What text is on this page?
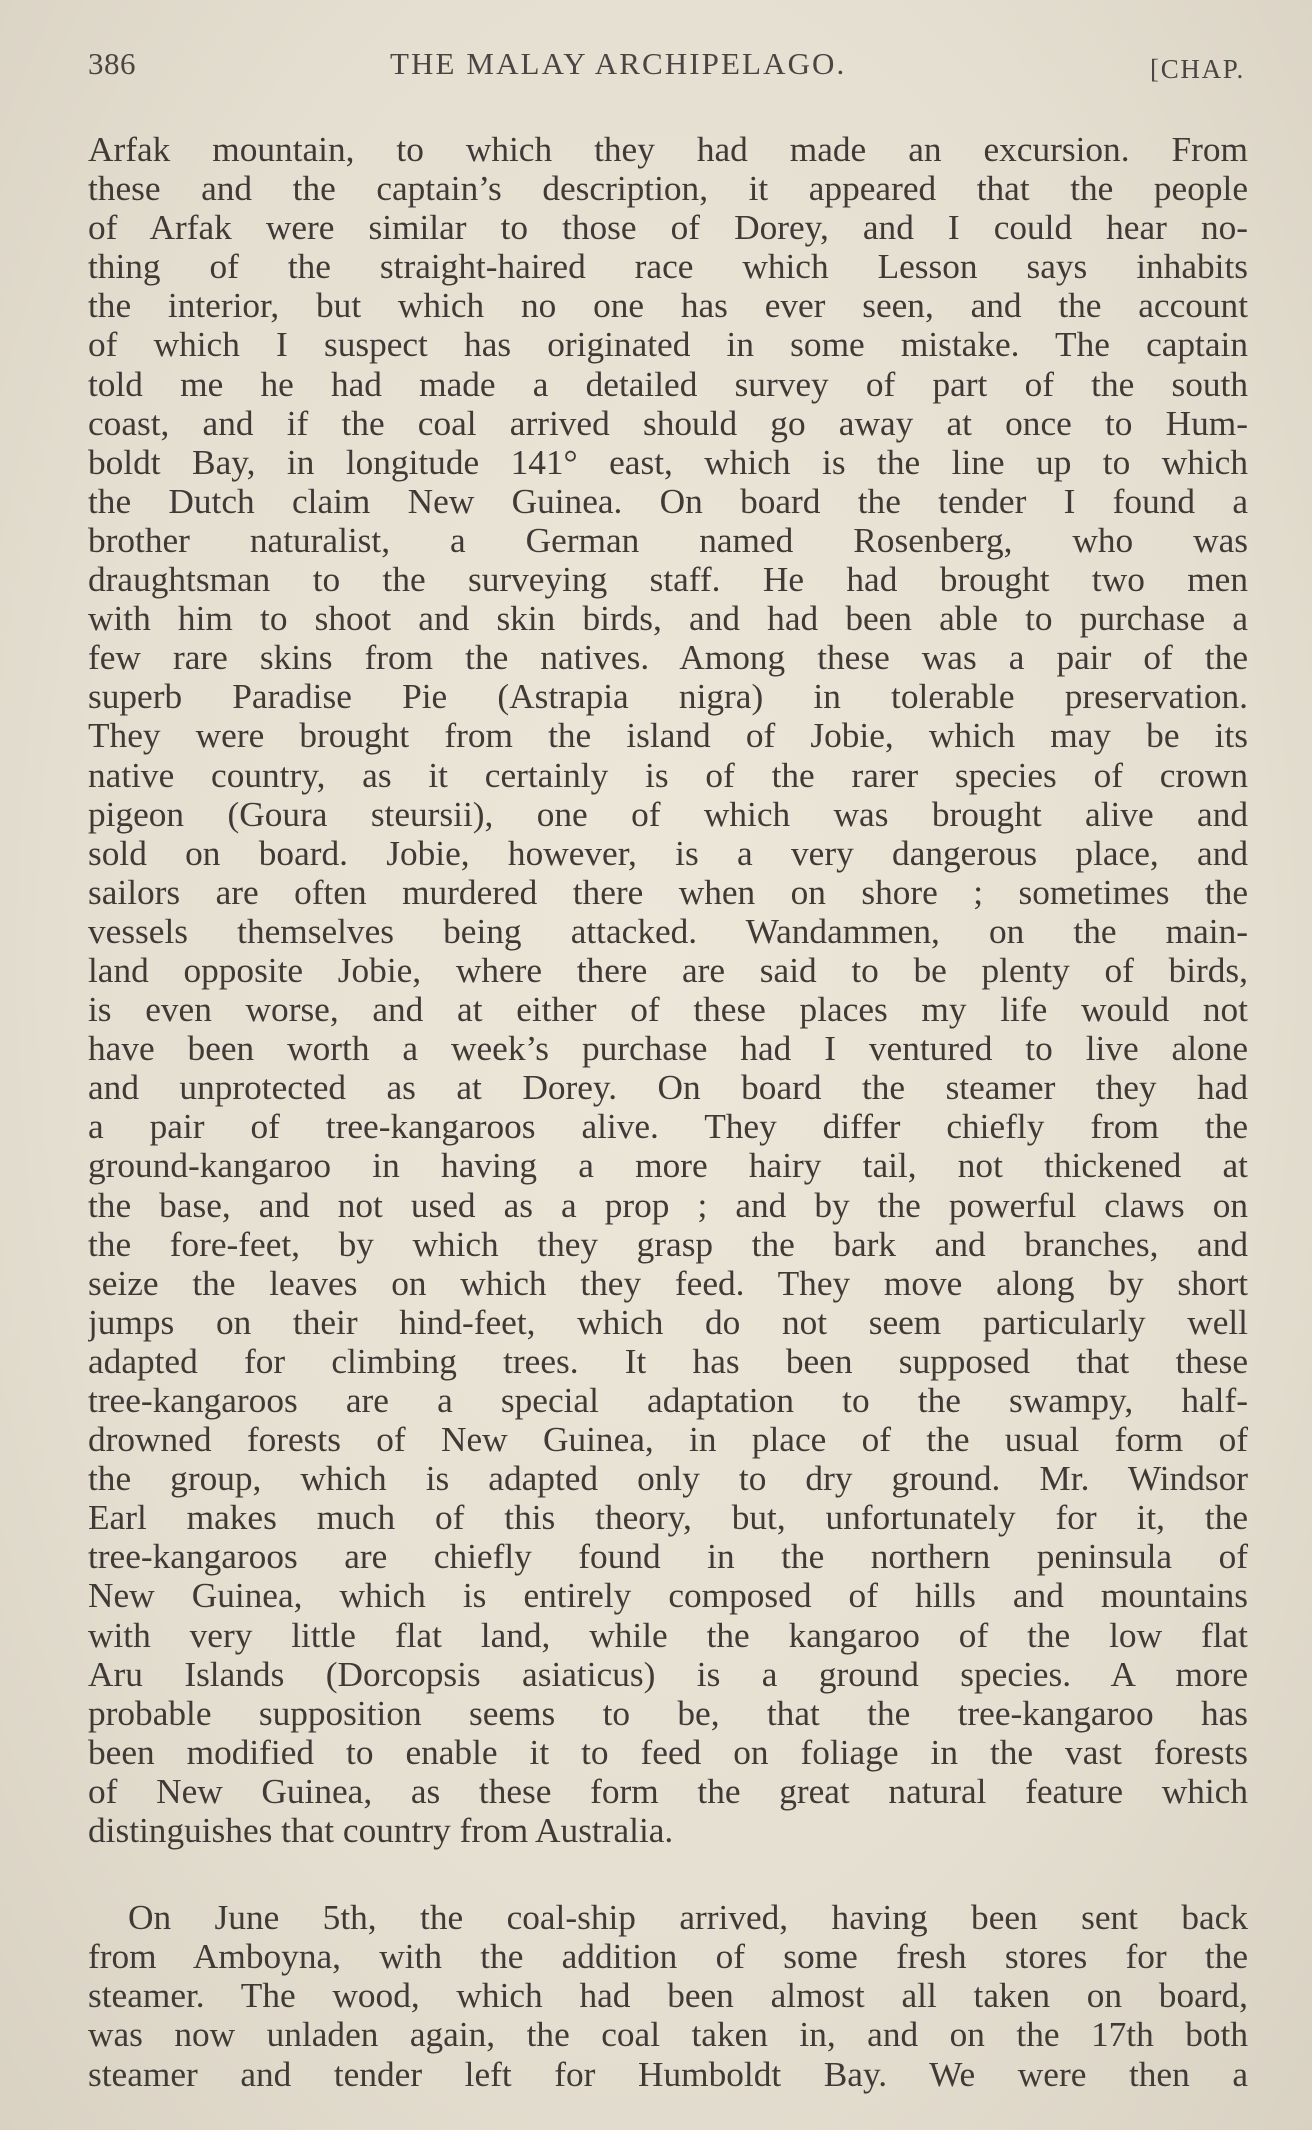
386	THE MALAY ARCHIPELAGO.	[CHAP.
Arfak mountain, to which they had made an excursion. From
these and the captain’s description, it appeared that the people
of Arfak were similar to those of Dorey, and I could hear no-
thing of the straight-haired race which Lesson says inhabits
the interior, but which no one has ever seen, and the account
of which I suspect has originated in some mistake. The captain
told me he had made a detailed survey of part of the south
coast, and if the coal arrived should go away at once to Hum-
boldt Bay, in longitude 141° east, which is the line up to which
the Dutch claim New Guinea. On board the tender I found a
brother naturalist, a German named Rosenberg, who was
draughtsman to the surveying staff. He had brought two men
with him to shoot and skin birds, and had been able to purchase a
few rare skins from the natives. Among these was a pair of the
superb Paradise Pie (Astrapia nigra) in tolerable preservation.
They were brought from the island of Jobie, which may be its
native country, as it certainly is of the rarer species of crown
pigeon (Goura steursii), one of which was brought alive and
sold on board. Jobie, however, is a very dangerous place, and
sailors are often murdered there when on shore ; sometimes the
vessels themselves being attacked. Wandammen, on the main-
land opposite Jobie, where there are said to be plenty of birds,
is even worse, and at either of these places my life would not
have been worth a week’s purchase had I ventured to live alone
and unprotected as at Dorey. On board the steamer they had
a pair of tree-kangaroos alive. They differ chiefly from the
ground-kangaroo in having a more hairy tail, not thickened at
the base, and not used as a prop ; and by the powerful claws on
the fore-feet, by which they grasp the bark and branches, and
seize the leaves on which they feed. They move along by short
jumps on their hind-feet, which do not seem particularly well
adapted for climbing trees. It has been supposed that these
tree-kangaroos are a special adaptation to the swampy, half-
drowned forests of New Guinea, in place of the usual form of
the group, which is adapted only to dry ground. Mr. Windsor
Earl makes much of this theory, but, unfortunately for it, the
tree-kangaroos are chiefly found in the northern peninsula of
New Guinea, which is entirely composed of hills and mountains
with very little flat land, while the kangaroo of the low flat
Aru Islands (Dorcopsis asiaticus) is a ground species. A more
probable supposition seems to be, that the tree-kangaroo has
been modified to enable it to feed on foliage in the vast forests
of New Guinea, as these form the great natural feature which
distinguishes that country from Australia.
On June 5th, the coal-ship arrived, having been sent back
from Amboyna, with the addition of some fresh stores for the
steamer. The wood, which had been almost all taken on board,
was now unladen again, the coal taken in, and on the 17th both
steamer and tender left for Humboldt Bay. We were then a
